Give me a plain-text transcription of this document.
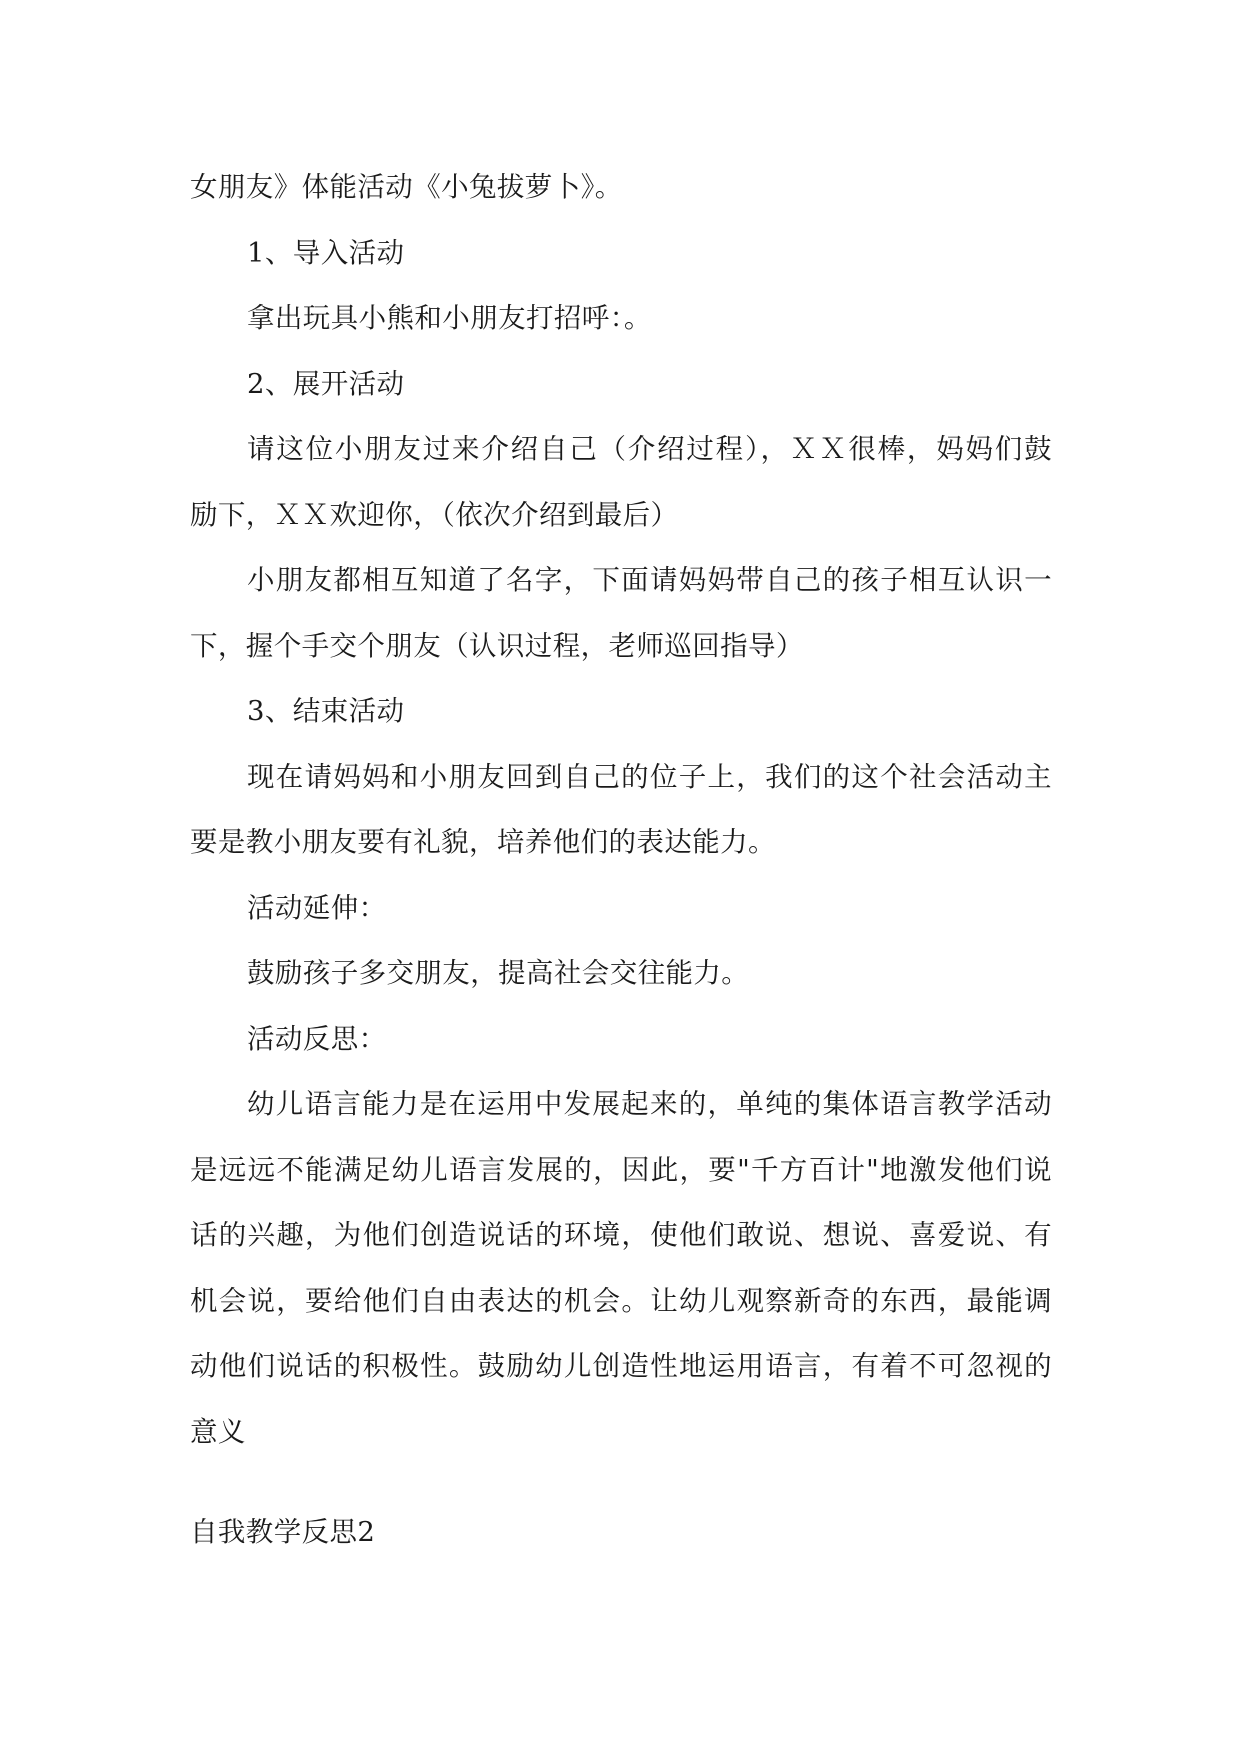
女朋友》体能活动《小兔拔萝卜》。
1、导入活动
拿出玩具小熊和小朋友打招呼：。
2、展开活动
请这位小朋友过来介绍自己（介绍过程），ＸＸ很棒，妈妈们鼓
励下，ＸＸ欢迎你，（依次介绍到最后）
小朋友都相互知道了名字，下面请妈妈带自己的孩子相互认识一
下，握个手交个朋友（认识过程，老师巡回指导）
3、结束活动
现在请妈妈和小朋友回到自己的位子上，我们的这个社会活动主
要是教小朋友要有礼貌，培养他们的表达能力。
活动延伸：
鼓励孩子多交朋友，提高社会交往能力。
活动反思：
幼儿语言能力是在运用中发展起来的，单纯的集体语言教学活动
是远远不能满足幼儿语言发展的，因此，要"千方百计"地激发他们说
话的兴趣，为他们创造说话的环境，使他们敢说、想说、喜爱说、有
机会说，要给他们自由表达的机会。让幼儿观察新奇的东西，最能调
动他们说话的积极性。鼓励幼儿创造性地运用语言，有着不可忽视的
意义
自我教学反思2
